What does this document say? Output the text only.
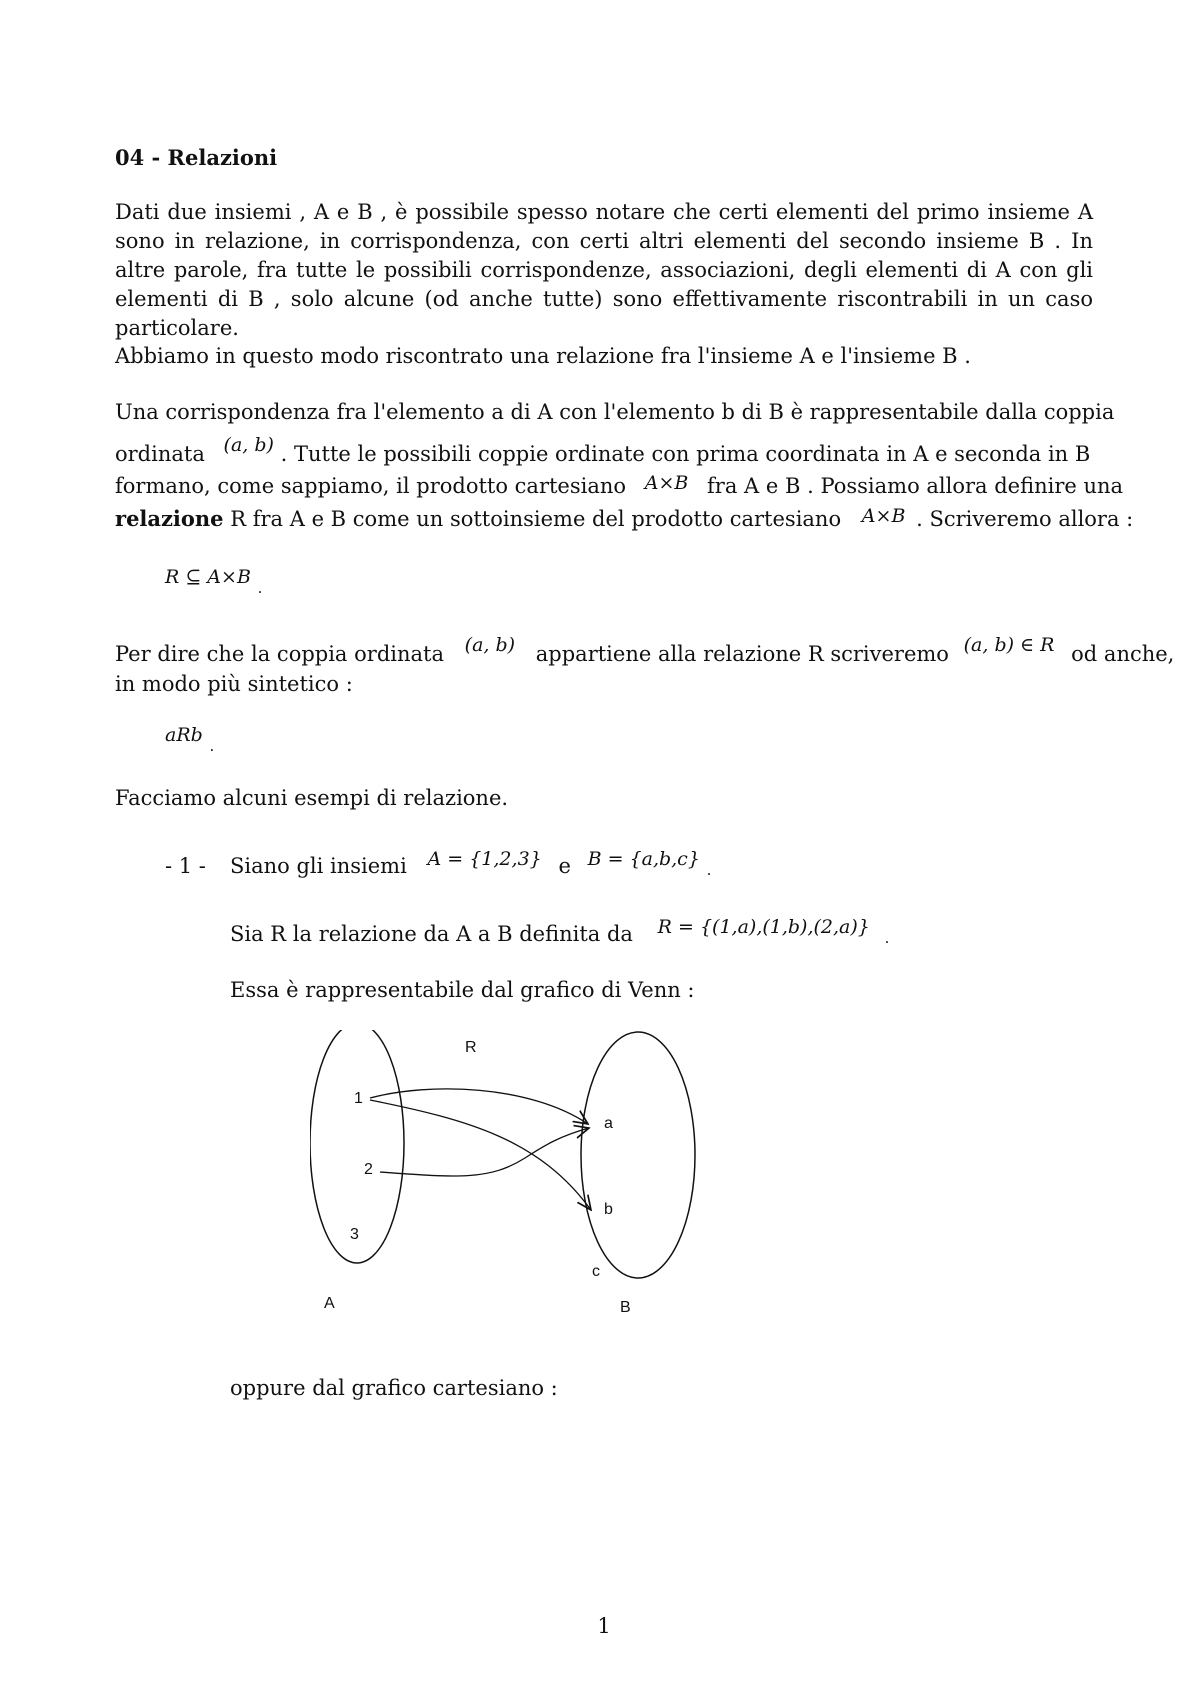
04 - Relazioni

Dati due insiemi , A e B , è possibile spesso notare che certi elementi del primo insieme A sono in relazione, in corrispondenza, con certi altri elementi del secondo insieme B . In altre parole, fra tutte le possibili corrispondenze, associazioni, degli elementi di A con gli elementi di B , solo alcune (od anche tutte) sono effettivamente riscontrabili in un caso particolare.

Abbiamo in questo modo riscontrato una relazione fra l'insieme A e l'insieme B .

Una corrispondenza fra l'elemento a di A con l'elemento b di B è rappresentabile dalla coppia
ordinata (a, b) . Tutte le possibili coppie ordinate con prima coordinata in A e seconda in B
formano, come sappiamo, il prodotto cartesiano A×B fra A e B . Possiamo allora definire una
relazione R fra A e B come un sottoinsieme del prodotto cartesiano A×B . Scriveremo allora :
R ⊆ A×B $_.$
Per dire che la coppia ordinata (a, b) appartiene alla relazione R scriveremo (a, b) ∈ R od anche,
in modo più sintetico :
aRb $_.$
Facciamo alcuni esempi di relazione.
- 1 - Siano gli insiemi A = {1,2,3} e B = {a,b,c} .
Sia R la relazione da A a B definita da R = {(1,a),(1,b),(2,a)} .
Essa è rappresentabile dal grafico di Venn :
R
1
2
3
a
b
c
A	B
oppure dal grafico cartesiano :
1
